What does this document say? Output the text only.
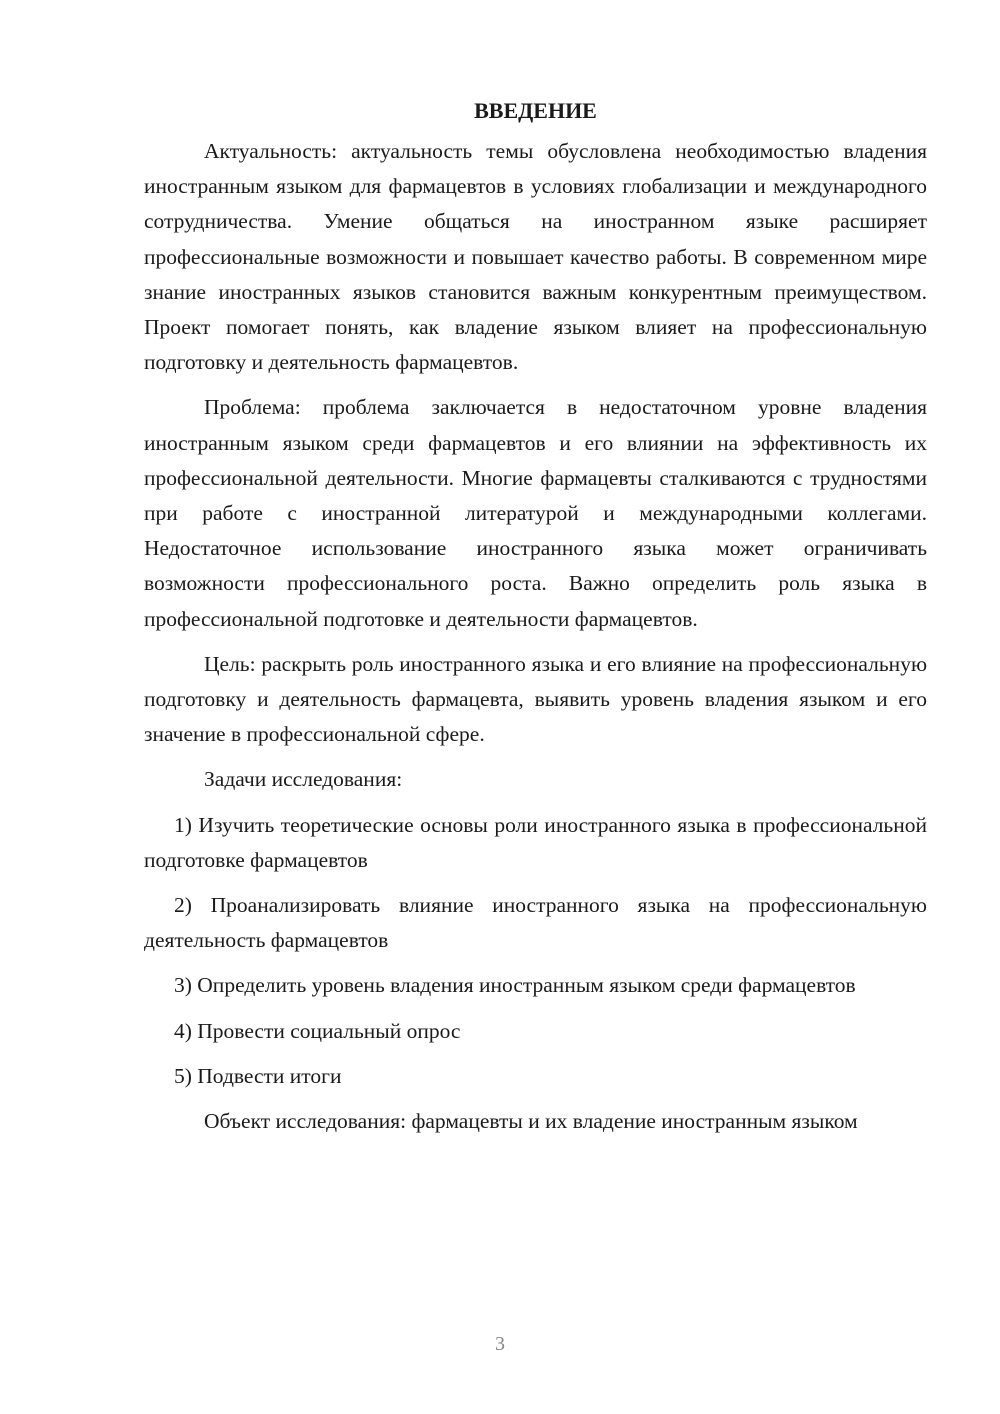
ВВЕДЕНИЕ

Актуальность: актуальность темы обусловлена необходимостью владения иностранным языком для фармацевтов в условиях глобализации и международного сотрудничества. Умение общаться на иностранном языке расширяет профессиональные возможности и повышает качество работы. В современном мире знание иностранных языков становится важным конкурентным преимуществом. Проект помогает понять, как владение языком влияет на профессиональную подготовку и деятельность фармацевтов.

Проблема: проблема заключается в недостаточном уровне владения иностранным языком среди фармацевтов и его влиянии на эффективность их профессиональной деятельности. Многие фармацевты сталкиваются с трудностями при работе с иностранной литературой и международными коллегами. Недостаточное использование иностранного языка может ограничивать возможности профессионального роста. Важно определить роль языка в профессиональной подготовке и деятельности фармацевтов.

Цель: раскрыть роль иностранного языка и его влияние на профессиональную подготовку и деятельность фармацевта, выявить уровень владения языком и его значение в профессиональной сфере.

Задачи исследования:

1) Изучить теоретические основы роли иностранного языка в профессиональной подготовке фармацевтов

2) Проанализировать влияние иностранного языка на профессиональную деятельность фармацевтов

3) Определить уровень владения иностранным языком среди фармацевтов

4) Провести социальный опрос

5) Подвести итоги

Объект исследования: фармацевты и их владение иностранным языком

3
